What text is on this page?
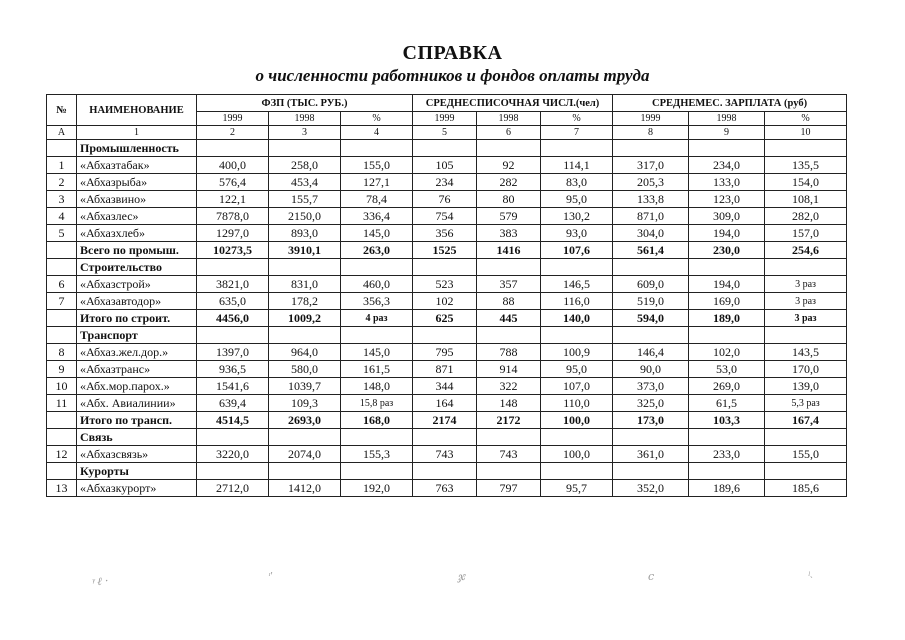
СПРАВКА
о численности работников и фондов оплаты труда
№	НАИМЕНОВАНИЕ	ФЗП (ТЫС. РУБ.)			СРЕДНЕСПИСОЧНАЯ ЧИСЛ.(чел)			СРЕДНЕМЕС. ЗАРПЛАТА (руб)		
		1999	1998	%	1999	1998	%	1999	1998	%
А	1	2	3	4	5	6	7	8	9	10
	Промышленность									
1	«Абхазтабак»	400,0	258,0	155,0	105	92	114,1	317,0	234,0	135,5
2	«Абхазрыба»	576,4	453,4	127,1	234	282	83,0	205,3	133,0	154,0
3	«Абхазвино»	122,1	155,7	78,4	76	80	95,0	133,8	123,0	108,1
4	«Абхазлес»	7878,0	2150,0	336,4	754	579	130,2	871,0	309,0	282,0
5	«Абхазхлеб»	1297,0	893,0	145,0	356	383	93,0	304,0	194,0	157,0
	Всего по промыш.	10273,5	3910,1	263,0	1525	1416	107,6	561,4	230,0	254,6
	Строительство									
6	«Абхазстрой»	3821,0	831,0	460,0	523	357	146,5	609,0	194,0	3 раз
7	«Абхазавтодор»	635,0	178,2	356,3	102	88	116,0	519,0	169,0	3 раз
	Итого по строит.	4456,0	1009,2	4 раз	625	445	140,0	594,0	189,0	3 раз
	Транспорт									
8	«Абхаз.жел.дор.»	1397,0	964,0	145,0	795	788	100,9	146,4	102,0	143,5
9	«Абхазтранс»	936,5	580,0	161,5	871	914	95,0	90,0	53,0	170,0
10	«Абх.мор.парох.»	1541,6	1039,7	148,0	344	322	107,0	373,0	269,0	139,0
11	«Абх. Авиалинии»	639,4	109,3	15,8 раз	164	148	110,0	325,0	61,5	5,3 раз
	Итого по трансп.	4514,5	2693,0	168,0	2174	2172	100,0	173,0	103,3	167,4
	Связь									
12	«Абхазсвязь»	3220,0	2074,0	155,3	743	743	100,0	361,0	233,0	155,0
	Курорты									
13	«Абхазкурорт»	2712,0	1412,0	192,0	763	797	95,7	352,0	189,6	185,6
ᵞ ℓ᠂	ᶦ'	ჯ	ⅽ	ˡ˴
